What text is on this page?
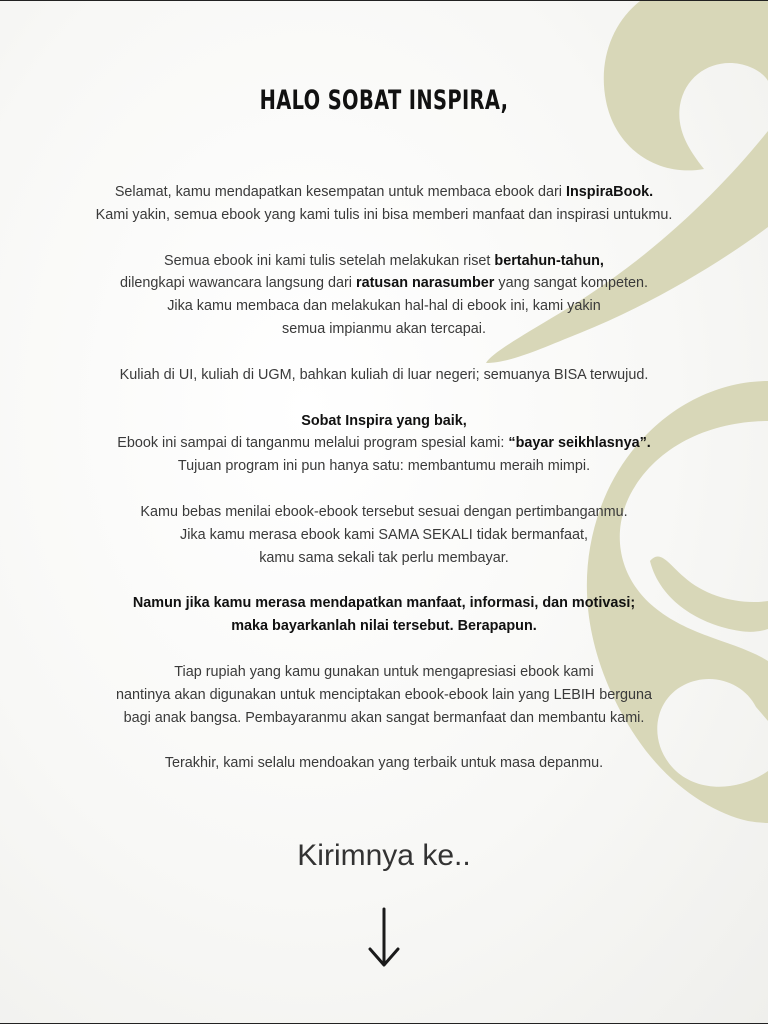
HALO SOBAT INSPIRA,
Selamat, kamu mendapatkan kesempatan untuk membaca ebook dari InspiraBook.
Kami yakin, semua ebook yang kami tulis ini bisa memberi manfaat dan inspirasi untukmu.
Semua ebook ini kami tulis setelah melakukan riset bertahun-tahun,
dilengkapi wawancara langsung dari ratusan narasumber yang sangat kompeten.
Jika kamu membaca dan melakukan hal-hal di ebook ini, kami yakin
semua impianmu akan tercapai.
Kuliah di UI, kuliah di UGM, bahkan kuliah di luar negeri; semuanya BISA terwujud.
Sobat Inspira yang baik,
Ebook ini sampai di tanganmu melalui program spesial kami: “bayar seikhlasnya”.
Tujuan program ini pun hanya satu: membantumu meraih mimpi.
Kamu bebas menilai ebook-ebook tersebut sesuai dengan pertimbanganmu.
Jika kamu merasa ebook kami SAMA SEKALI tidak bermanfaat,
kamu sama sekali tak perlu membayar.
Namun jika kamu merasa mendapatkan manfaat, informasi, dan motivasi;
maka bayarkanlah nilai tersebut. Berapapun.
Tiap rupiah yang kamu gunakan untuk mengapresiasi ebook kami
nantinya akan digunakan untuk menciptakan ebook-ebook lain yang LEBIH berguna
bagi anak bangsa. Pembayaranmu akan sangat bermanfaat dan membantu kami.
Terakhir, kami selalu mendoakan yang terbaik untuk masa depanmu.
Kirimnya ke..
